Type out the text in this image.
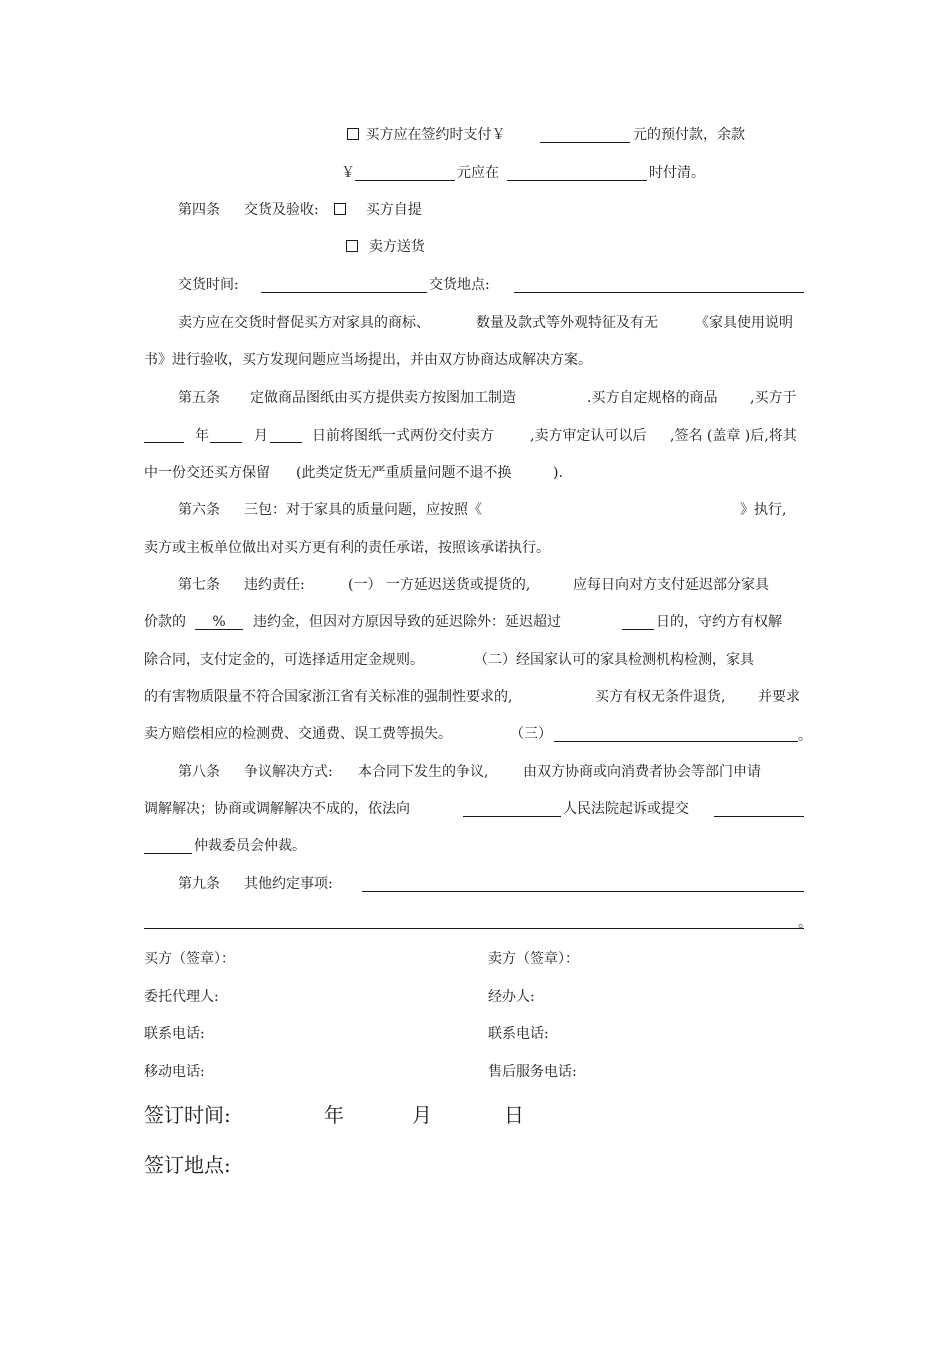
买方应在签约时支付￥	元的预付款，余款
￥	元应在	时付清。
第四条 交货及验收:	买方自提
卖方送货
交货时间:	交货地点:
卖方应在交货时督促买方对家具的商标、	数量及款式等外观特征及有无	《家具使用说明
书》进行验收，买方发现问题应当场提出，并由双方协商达成解决方案。
第五条 定做商品图纸由买方提供卖方按图加工制造	.买方自定规格的商品 ,买方于
年	月	日前将图纸一式两份交付卖方	,卖方审定认可以后 ,签名 (盖章 )后,将其
中一份交还买方保留 (此类定货无严重质量问题不退不换	).
第六条 三包：对于家具的质量问题，应按照《	》执行,
卖方或主板单位做出对买方更有利的责任承诺，按照该承诺执行。
第七条 违约责任:	(一） 一方延迟送货或提货的,	应每日向对方支付延迟部分家具
价款的	%	违约金，但因对方原因导致的延迟除外：延迟超过	日的，守约方有权解
除合同，支付定金的，可选择适用定金规则。	（二）经国家认可的家具检测机构检测，家具
的有害物质限量不符合国家浙江省有关标准的强制性要求的,	买方有权无条件退货, 并要求
卖方赔偿相应的检测费、交通费、误工费等损失。	（三）	。
第八条 争议解决方式: 本合同下发生的争议, 由双方协商或向消费者协会等部门申请
调解解决；协商或调解解决不成的，依法向	人民法院起诉或提交
仲裁委员会仲裁。
第九条 其他约定事项:
。
买方（签章）：	卖方（签章）：
委托代理人:	经办人:
联系电话:	联系电话:
移动电话:	售后服务电话:
签订时间:	年	月	日
签订地点:
